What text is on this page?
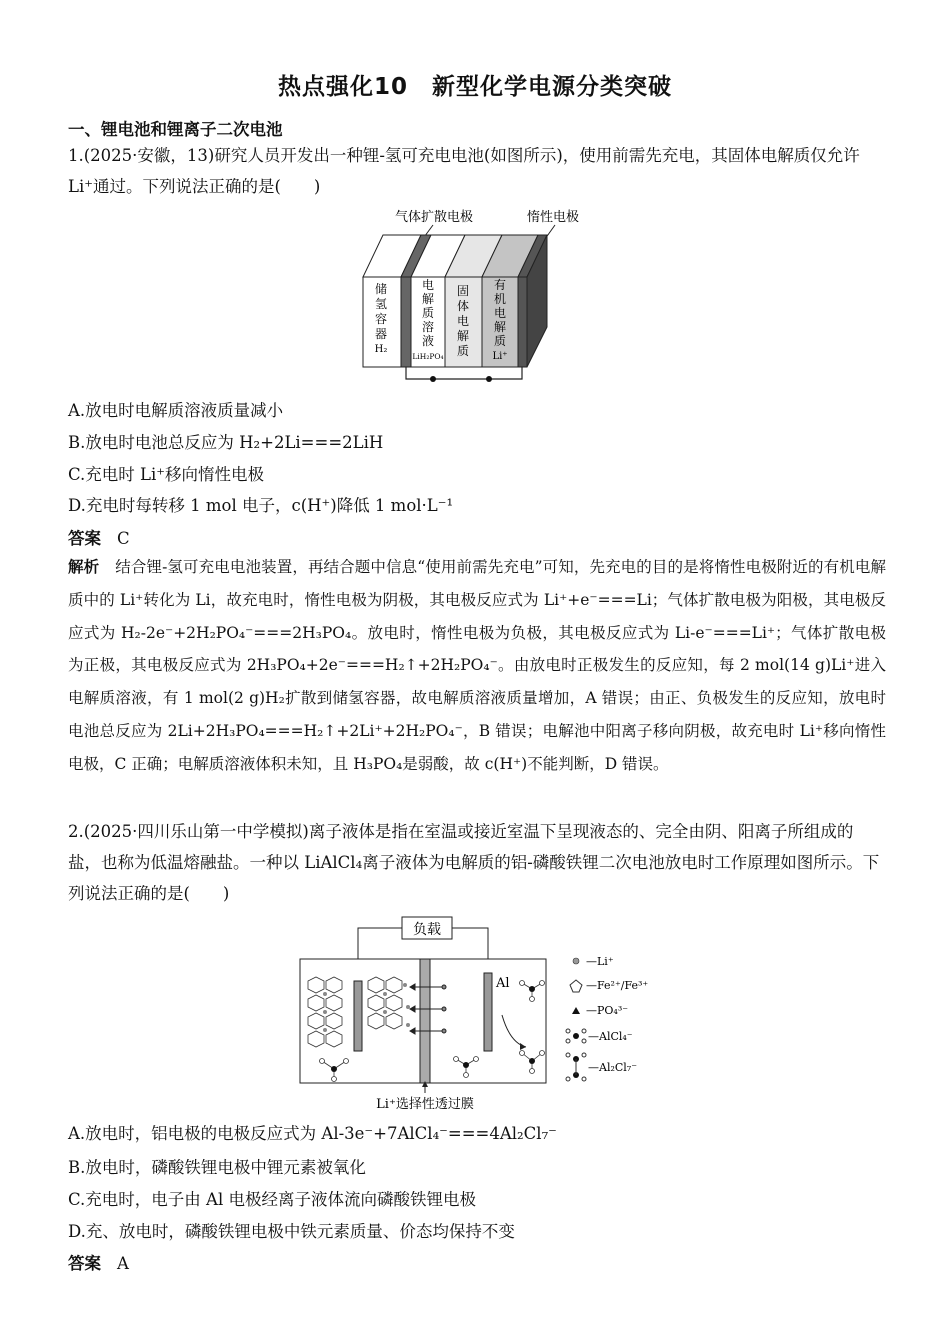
热点强化10　新型化学电源分类突破
一、锂电池和锂离子二次电池

1.(2025·安徽，13)研究人员开发出一种锂-氢可充电电池(如图所示)，使用前需先充电，其固体电解质仅允许 Li⁺通过。下列说法正确的是(　　)

气体扩散电极	惰性电极
储
氢
容
器
H₂
电
解
质
溶
液
LiH₂PO₄
固
体
电
解
质
有
机
电
解
质
Li⁺
A.放电时电解质溶液质量减小
B.放电时电池总反应为 H₂+2Li===2LiH
C.充电时 Li⁺移向惰性电极
D.充电时每转移 1 mol 电子，c(H⁺)降低 1 mol·L⁻¹
答案 C

解析 结合锂-氢可充电电池装置，再结合题中信息“使用前需先充电”可知，先充电的目的是将惰性电极附近的有机电解质中的 Li⁺转化为 Li，故充电时，惰性电极为阴极，其电极反应式为 Li⁺+e⁻===Li；气体扩散电极为阳极，其电极反应式为 H₂-2e⁻+2H₂PO₄⁻===2H₃PO₄。放电时，惰性电极为负极，其电极反应式为 Li-e⁻===Li⁺；气体扩散电极为正极，其电极反应式为 2H₃PO₄+2e⁻===H₂↑+2H₂PO₄⁻。由放电时正极发生的反应知，每 2 mol(14 g)Li⁺进入电解质溶液，有 1 mol(2 g)H₂扩散到储氢容器，故电解质溶液质量增加，A 错误；由正、负极发生的反应知，放电时电池总反应为 2Li+2H₃PO₄===H₂↑+2Li⁺+2H₂PO₄⁻，B 错误；电解池中阳离子移向阴极，故充电时 Li⁺移向惰性电极，C 正确；电解质溶液体积未知，且 H₃PO₄是弱酸，故 c(H⁺)不能判断，D 错误。

2.(2025·四川乐山第一中学模拟)离子液体是指在室温或接近室温下呈现液态的、完全由阴、阳离子所组成的盐，也称为低温熔融盐。一种以 LiAlCl₄离子液体为电解质的铝-磷酸铁锂二次电池放电时工作原理如图所示。下列说法正确的是(　　)

负载
Al
Li⁺选择性透过膜
—Li⁺
—Fe²⁺/Fe³⁺
—PO₄³⁻
—AlCl₄⁻
—Al₂Cl₇⁻
A.放电时，铝电极的电极反应式为 Al-3e⁻+7AlCl₄⁻===4Al₂Cl₇⁻
B.放电时，磷酸铁锂电极中锂元素被氧化
C.充电时，电子由 Al 电极经离子液体流向磷酸铁锂电极
D.充、放电时，磷酸铁锂电极中铁元素质量、价态均保持不变
答案 A
